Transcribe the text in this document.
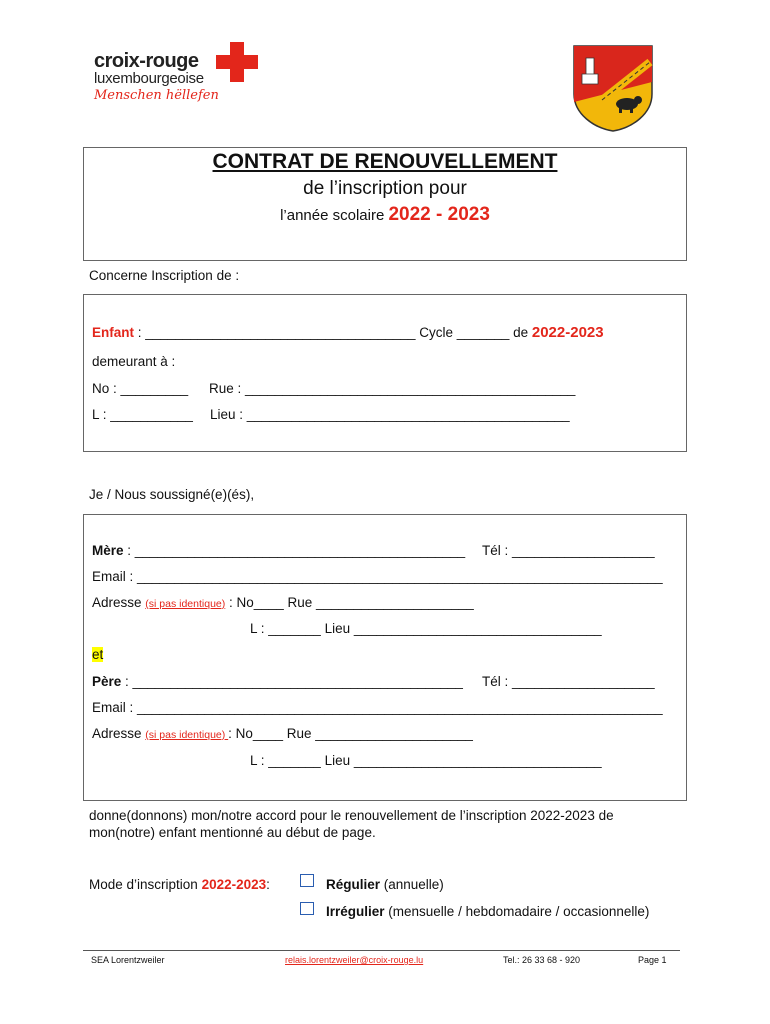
croix-rouge
luxembourgeoise
Menschen hëllefen
CONTRAT DE RENOUVELLEMENT
de l’inscription pour
l’année scolaire 2022 - 2023
Concerne Inscription de :
Enfant : ____________________________________ Cycle _______ de 2022-2023
demeurant à :
No : _________ Rue : ____________________________________________
L : ___________ Lieu : ___________________________________________
Je / Nous soussigné(e)(és),
Mère : ____________________________________________ Tél : ___________________
Email : ______________________________________________________________________
Adresse (si pas identique) : No____ Rue _____________________
L : _______ Lieu _________________________________
et
Père : ____________________________________________ Tél : ___________________
Email : ______________________________________________________________________
Adresse (si pas identique) : No____ Rue _____________________
L : _______ Lieu _________________________________
donne(donnons) mon/notre accord pour le renouvellement de l’inscription 2022-2023 de
mon(notre) enfant mentionné au début de page.
Mode d’inscription 2022-2023:	Régulier (annuelle)
Irrégulier (mensuelle / hebdomadaire / occasionnelle)
SEA Lorentzweiler	relais.lorentzweiler@croix-rouge.lu	Tel.: 26 33 68 - 920	Page 1
